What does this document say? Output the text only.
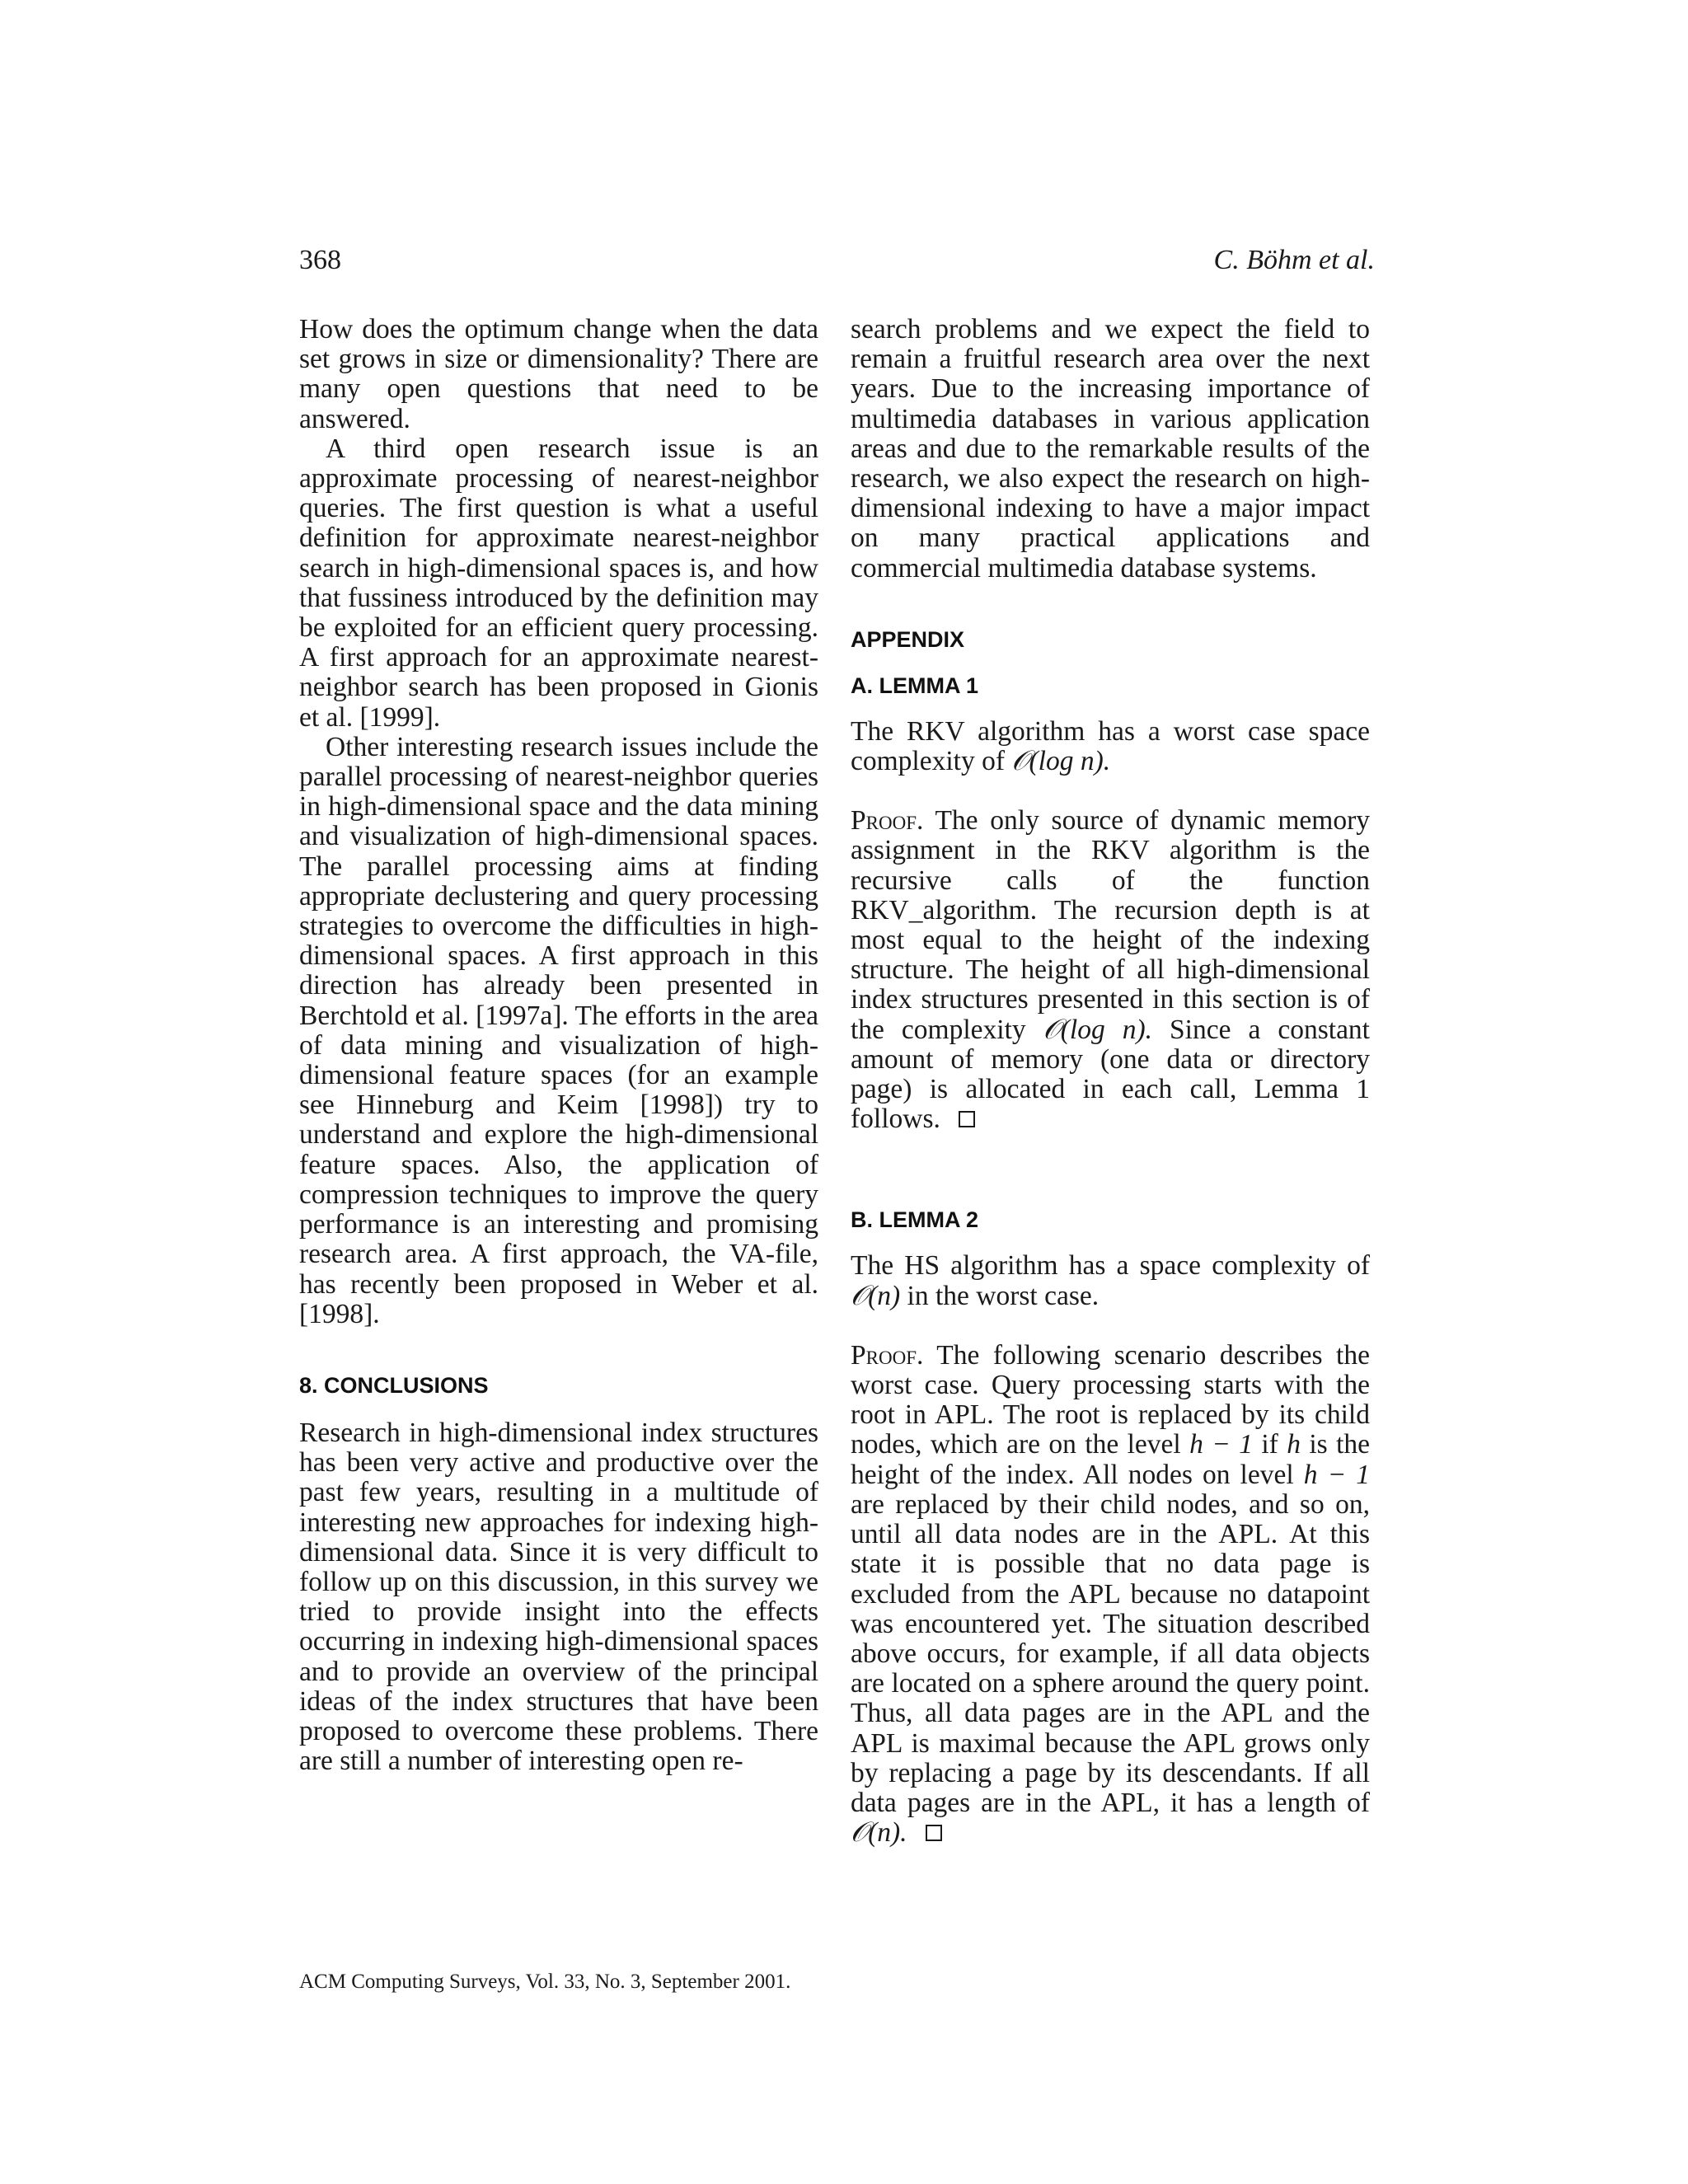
368	C. Böhm et al.

How does the optimum change when the data set grows in size or dimensionality? There are many open questions that need to be answered.

A third open research issue is an approximate processing of nearest-neighbor queries. The first question is what a useful definition for approximate nearest-neighbor search in high-dimensional spaces is, and how that fussiness introduced by the definition may be exploited for an efficient query processing. A first approach for an approximate nearest-neighbor search has been proposed in Gionis et al. [1999].

Other interesting research issues include the parallel processing of nearest-neighbor queries in high-dimensional space and the data mining and visualization of high-dimensional spaces. The parallel processing aims at finding appropriate declustering and query processing strategies to overcome the difficulties in high-dimensional spaces. A first approach in this direction has already been presented in Berchtold et al. [1997a]. The efforts in the area of data mining and visualization of high-dimensional feature spaces (for an example see Hinneburg and Keim [1998]) try to understand and explore the high-dimensional feature spaces. Also, the application of compression techniques to improve the query performance is an interesting and promising research area. A first approach, the VA-file, has recently been proposed in Weber et al. [1998].

8. CONCLUSIONS

Research in high-dimensional index structures has been very active and productive over the past few years, resulting in a multitude of interesting new approaches for indexing high-dimensional data. Since it is very difficult to follow up on this discussion, in this survey we tried to provide insight into the effects occurring in indexing high-dimensional spaces and to provide an overview of the principal ideas of the index structures that have been proposed to overcome these problems. There are still a number of interesting open re-

search problems and we expect the field to remain a fruitful research area over the next years. Due to the increasing importance of multimedia databases in various application areas and due to the remarkable results of the research, we also expect the research on high-dimensional indexing to have a major impact on many practical applications and commercial multimedia database systems.

APPENDIX
A. LEMMA 1

The RKV algorithm has a worst case space complexity of 𝒪(log n).

Proof. The only source of dynamic memory assignment in the RKV algorithm is the recursive calls of the function RKV_algorithm. The recursion depth is at most equal to the height of the indexing structure. The height of all high-dimensional index structures presented in this section is of the complexity 𝒪(log n). Since a constant amount of memory (one data or directory page) is allocated in each call, Lemma 1 follows.

B. LEMMA 2

The HS algorithm has a space complexity of 𝒪(n) in the worst case.

Proof. The following scenario describes the worst case. Query processing starts with the root in APL. The root is replaced by its child nodes, which are on the level h − 1 if h is the height of the index. All nodes on level h − 1 are replaced by their child nodes, and so on, until all data nodes are in the APL. At this state it is possible that no data page is excluded from the APL because no datapoint was encountered yet. The situation described above occurs, for example, if all data objects are located on a sphere around the query point. Thus, all data pages are in the APL and the APL is maximal because the APL grows only by replacing a page by its descendants. If all data pages are in the APL, it has a length of 𝒪(n).

ACM Computing Surveys, Vol. 33, No. 3, September 2001.
